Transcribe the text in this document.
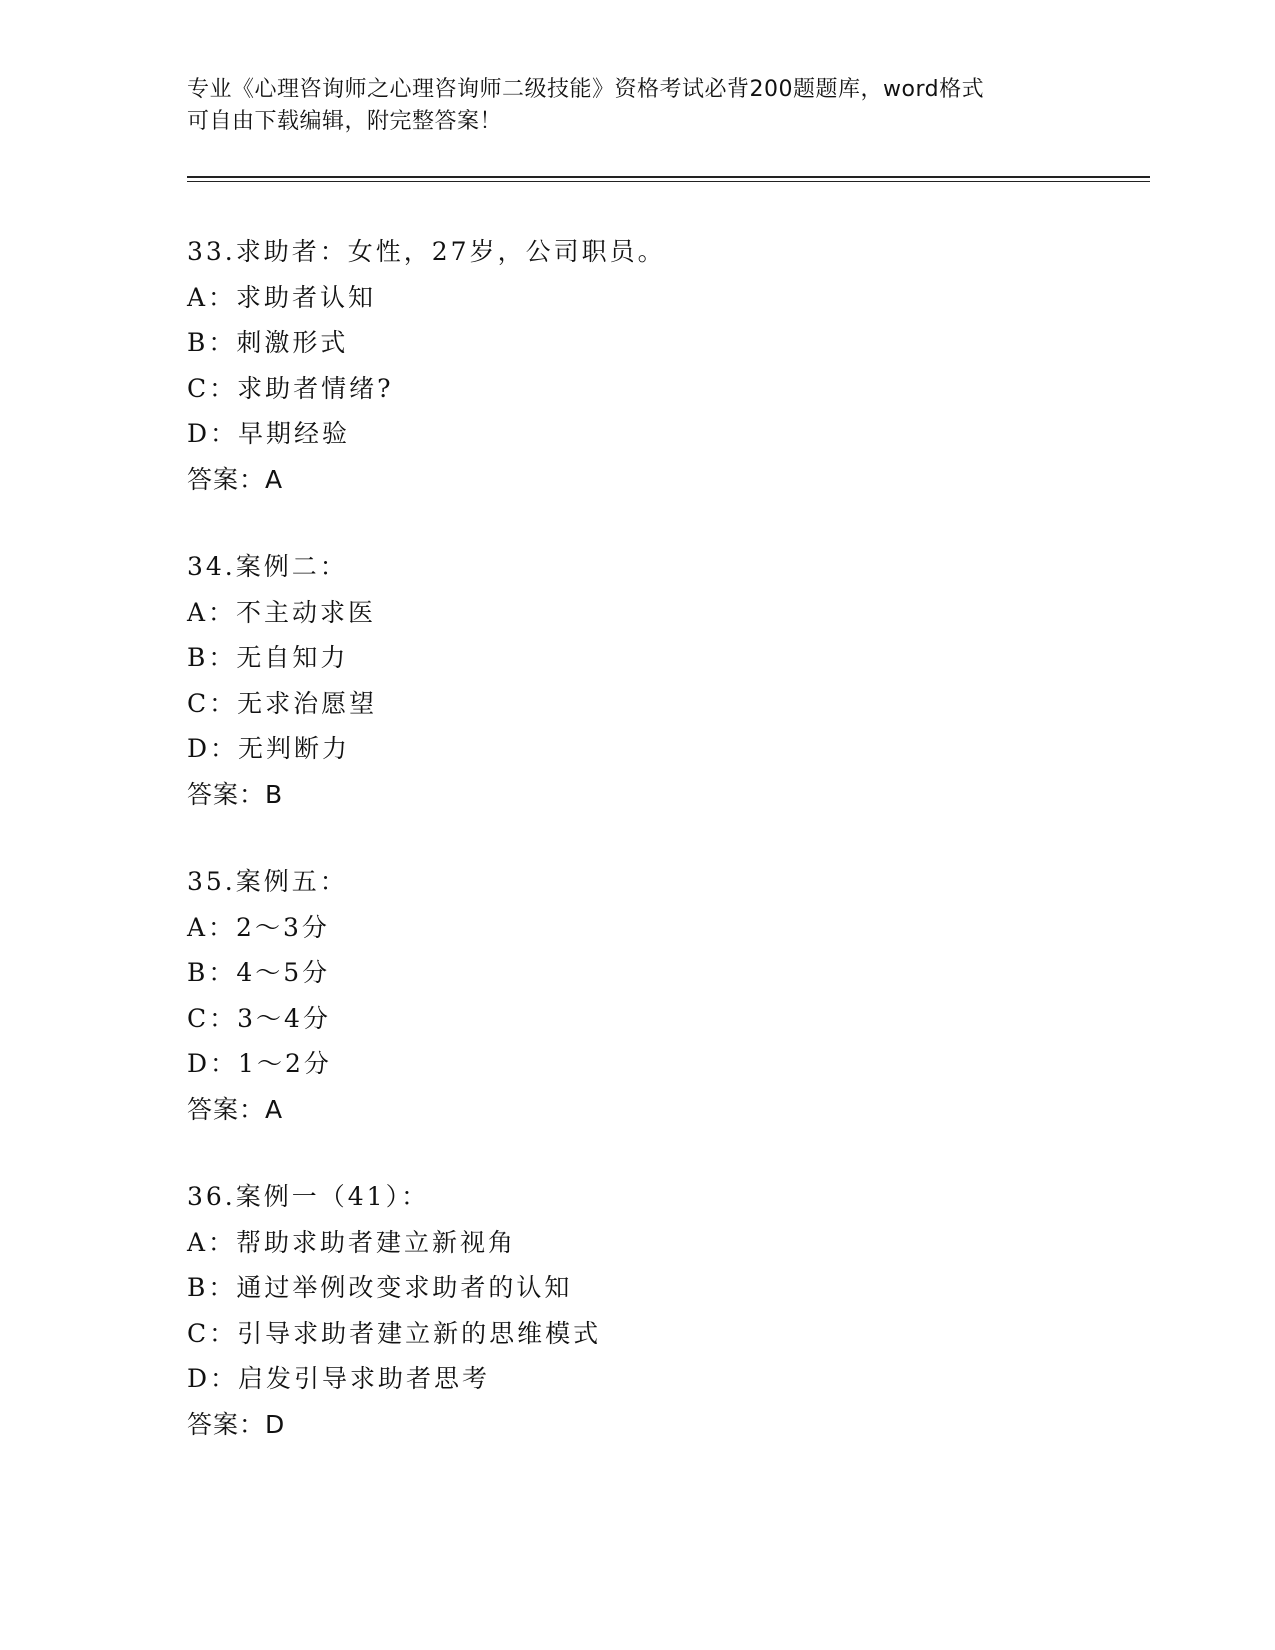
专业《心理咨询师之心理咨询师二级技能》资格考试必背200题题库，word格式
可自由下载编辑，附完整答案！
33.求助者：女性，27岁，公司职员。
A：求助者认知
B：刺激形式
C：求助者情绪?
D：早期经验
答案：A
34.案例二：
A：不主动求医
B：无自知力
C：无求治愿望
D：无判断力
答案：B
35.案例五：
A：2～3分
B：4～5分
C：3～4分
D：1～2分
答案：A
36.案例一（41）：
A：帮助求助者建立新视角
B：通过举例改变求助者的认知
C：引导求助者建立新的思维模式
D：启发引导求助者思考
答案：D
